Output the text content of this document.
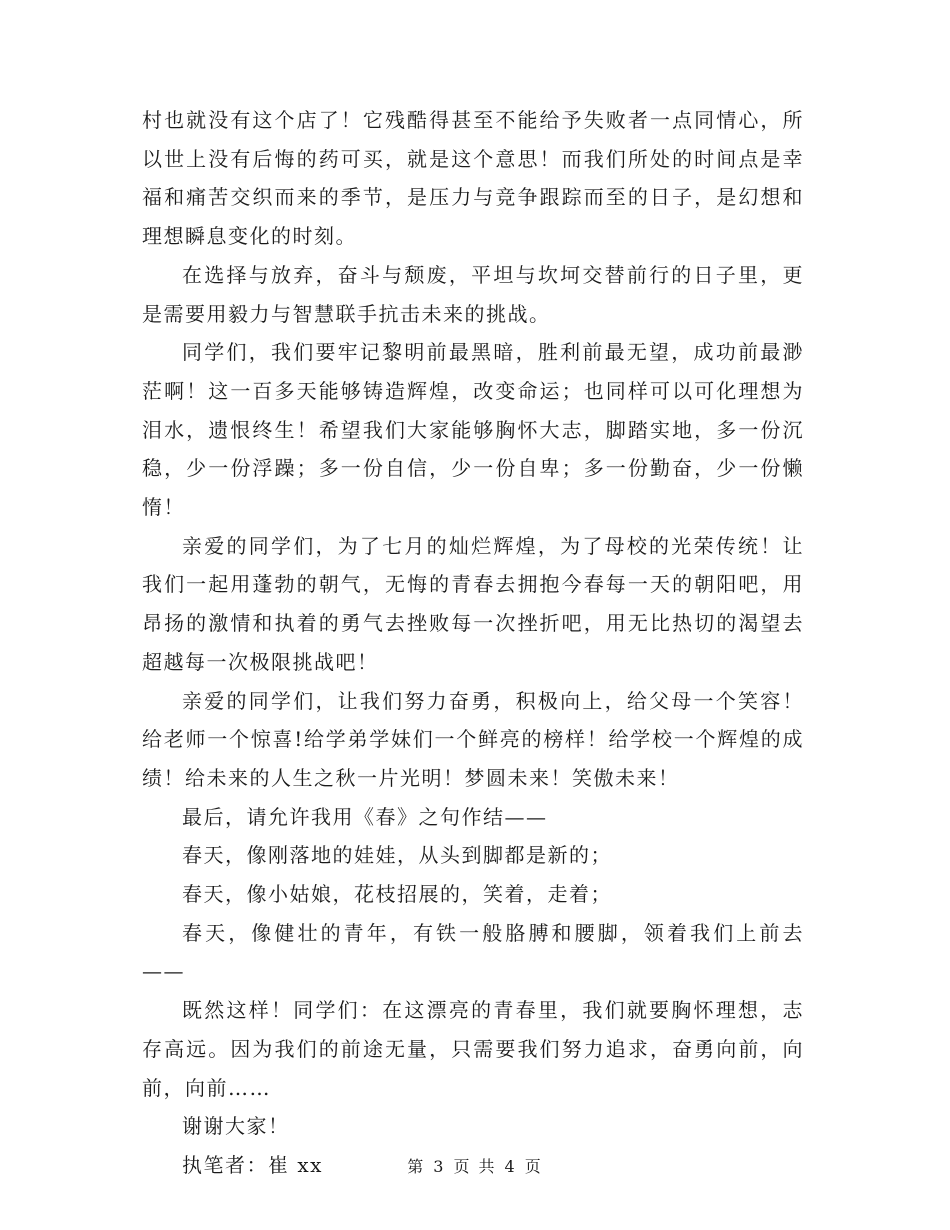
村也就没有这个店了！它残酷得甚至不能给予失败者一点同情心，所以世上没有后悔的药可买，就是这个意思！而我们所处的时间点是幸福和痛苦交织而来的季节，是压力与竞争跟踪而至的日子，是幻想和理想瞬息变化的时刻。

在选择与放弃，奋斗与颓废，平坦与坎坷交替前行的日子里，更是需要用毅力与智慧联手抗击未来的挑战。

同学们，我们要牢记黎明前最黑暗，胜利前最无望，成功前最渺茫啊！这一百多天能够铸造辉煌，改变命运；也同样可以可化理想为泪水，遗恨终生！希望我们大家能够胸怀大志，脚踏实地，多一份沉稳，少一份浮躁；多一份自信，少一份自卑；多一份勤奋，少一份懒惰！

亲爱的同学们，为了七月的灿烂辉煌，为了母校的光荣传统！让我们一起用蓬勃的朝气，无悔的青春去拥抱今春每一天的朝阳吧，用昂扬的激情和执着的勇气去挫败每一次挫折吧，用无比热切的渴望去超越每一次极限挑战吧！

亲爱的同学们，让我们努力奋勇，积极向上，给父母一个笑容！给老师一个惊喜!给学弟学妹们一个鲜亮的榜样！给学校一个辉煌的成绩！给未来的人生之秋一片光明！梦圆未来！笑傲未来！

最后，请允许我用《春》之句作结——

春天，像刚落地的娃娃，从头到脚都是新的；

春天，像小姑娘，花枝招展的，笑着，走着；

春天，像健壮的青年，有铁一般胳膊和腰脚，领着我们上前去——

既然这样！同学们：在这漂亮的青春里，我们就要胸怀理想，志存高远。因为我们的前途无量，只需要我们努力追求，奋勇向前，向前，向前……

谢谢大家！

执笔者：崔 xx	第 3 页 共 4 页
